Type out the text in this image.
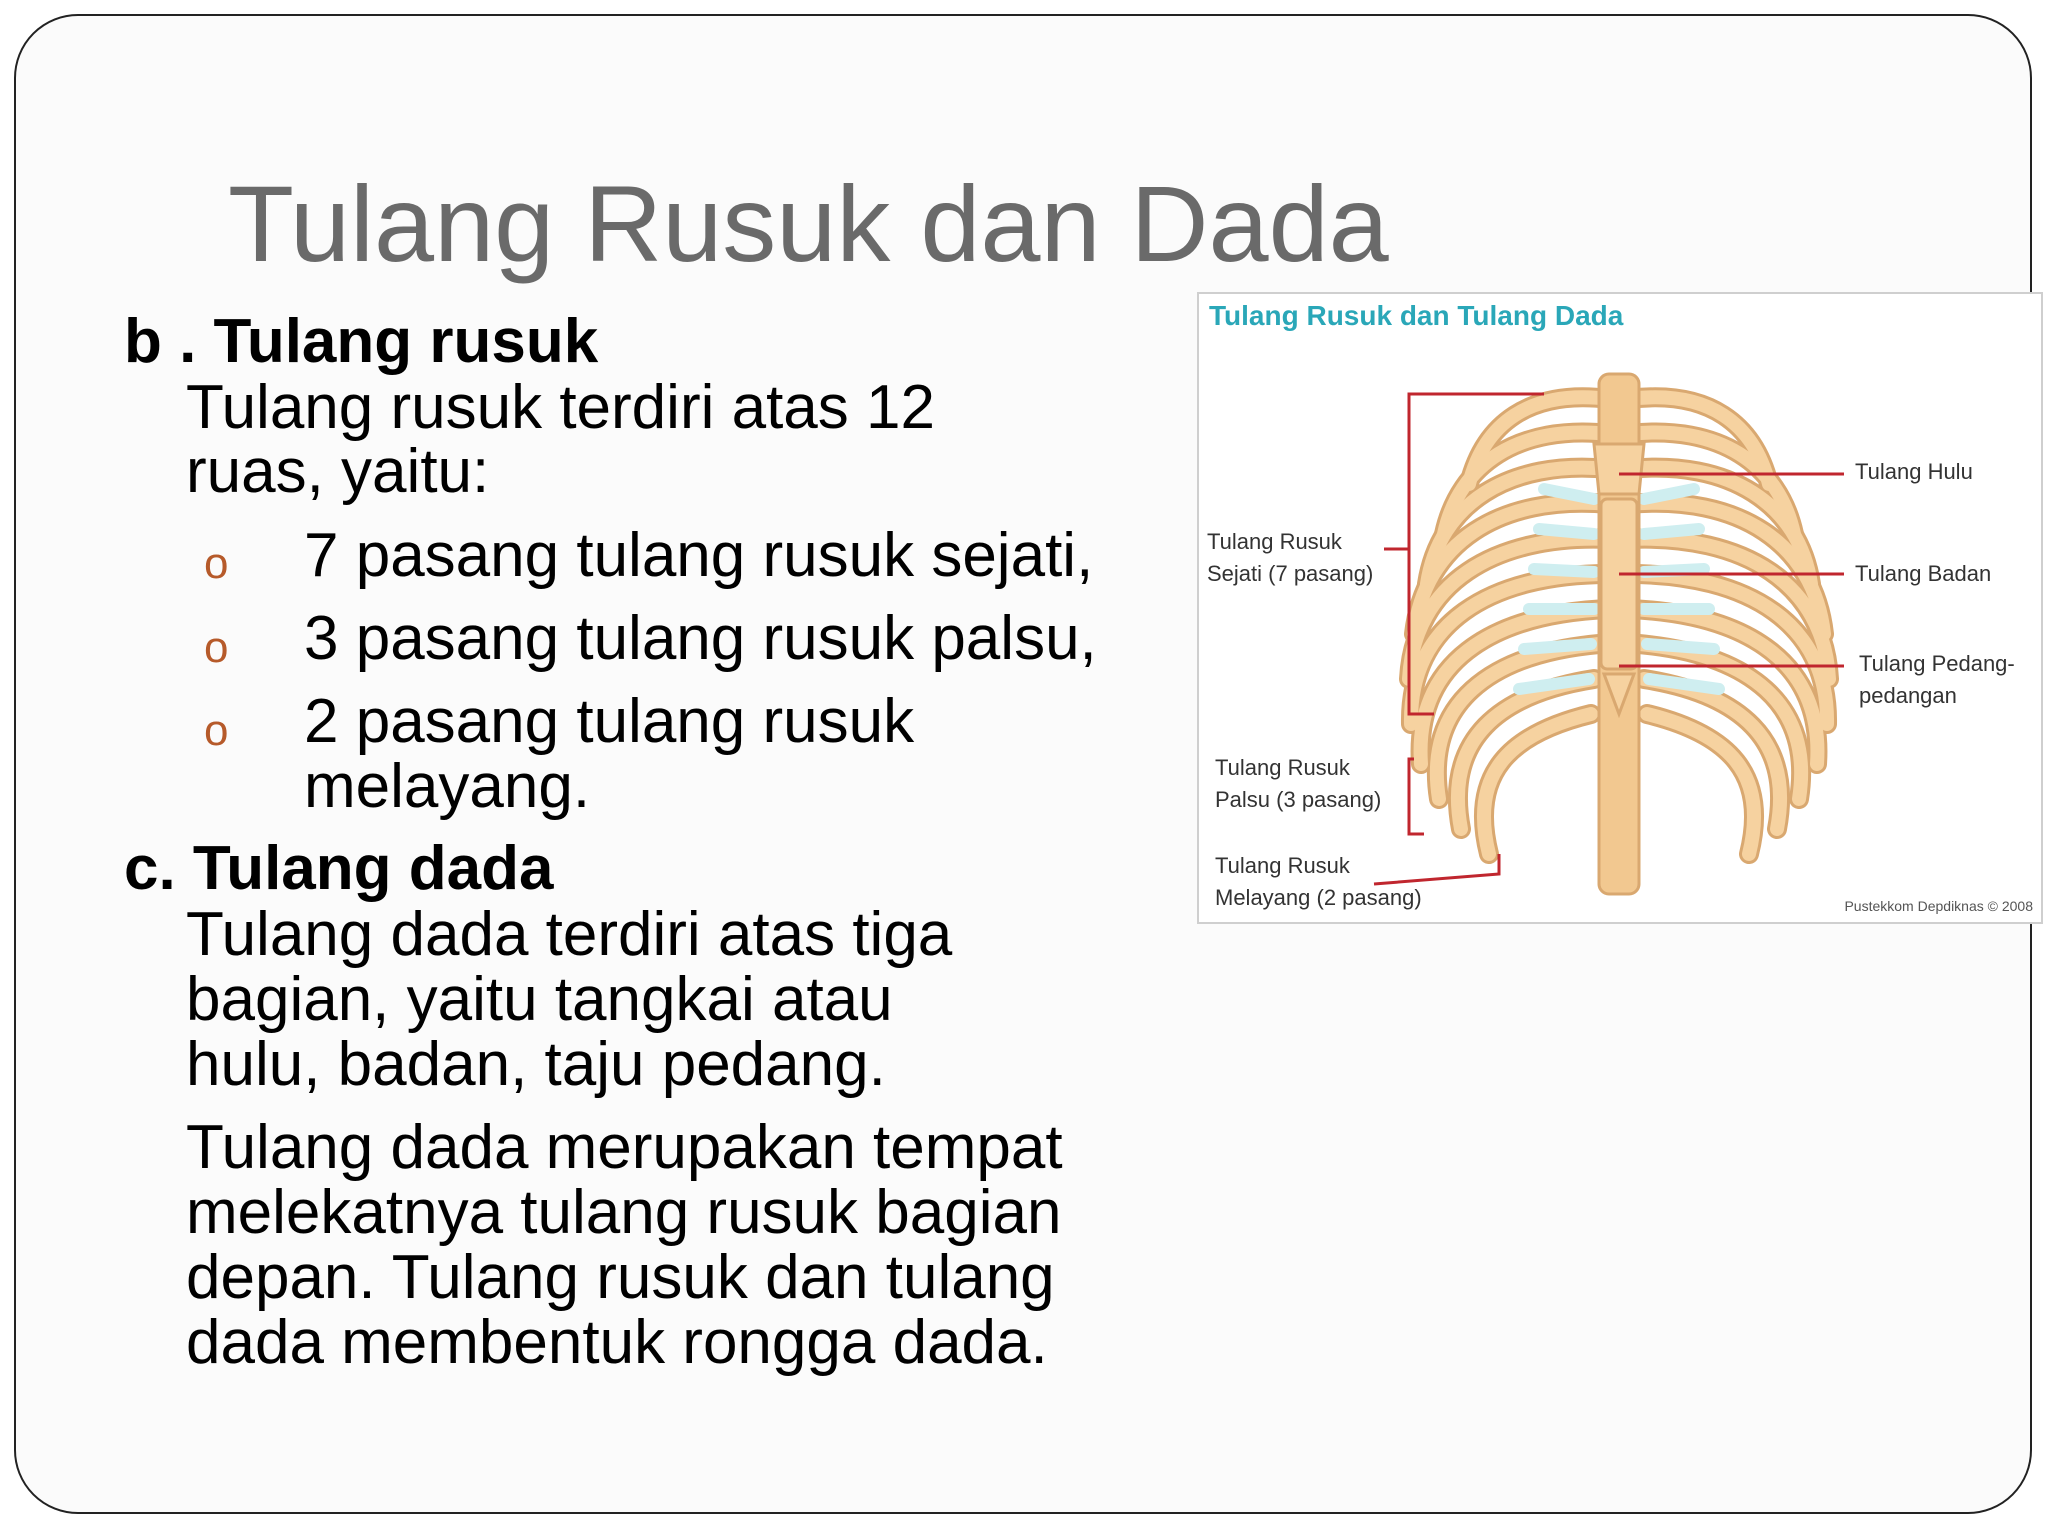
Tulang Rusuk dan Dada
b . Tulang rusuk
Tulang rusuk terdiri atas 12
ruas, yaitu:
o 7 pasang tulang rusuk sejati,
o 3 pasang tulang rusuk palsu,
o 2 pasang tulang rusuk
melayang.
c. Tulang dada
Tulang dada terdiri atas tiga
bagian, yaitu tangkai atau
hulu, badan, taju pedang.
Tulang dada merupakan tempat
melekatnya tulang rusuk bagian
depan. Tulang rusuk dan tulang
dada membentuk rongga dada.
Tulang Rusuk dan Tulang Dada
Tulang Hulu
Tulang Badan
Tulang Pedang-
pedangan
Tulang Rusuk
Sejati (7 pasang)
Tulang Rusuk
Palsu (3 pasang)
Tulang Rusuk
Melayang (2 pasang)	Pustekkom Depdiknas © 2008
